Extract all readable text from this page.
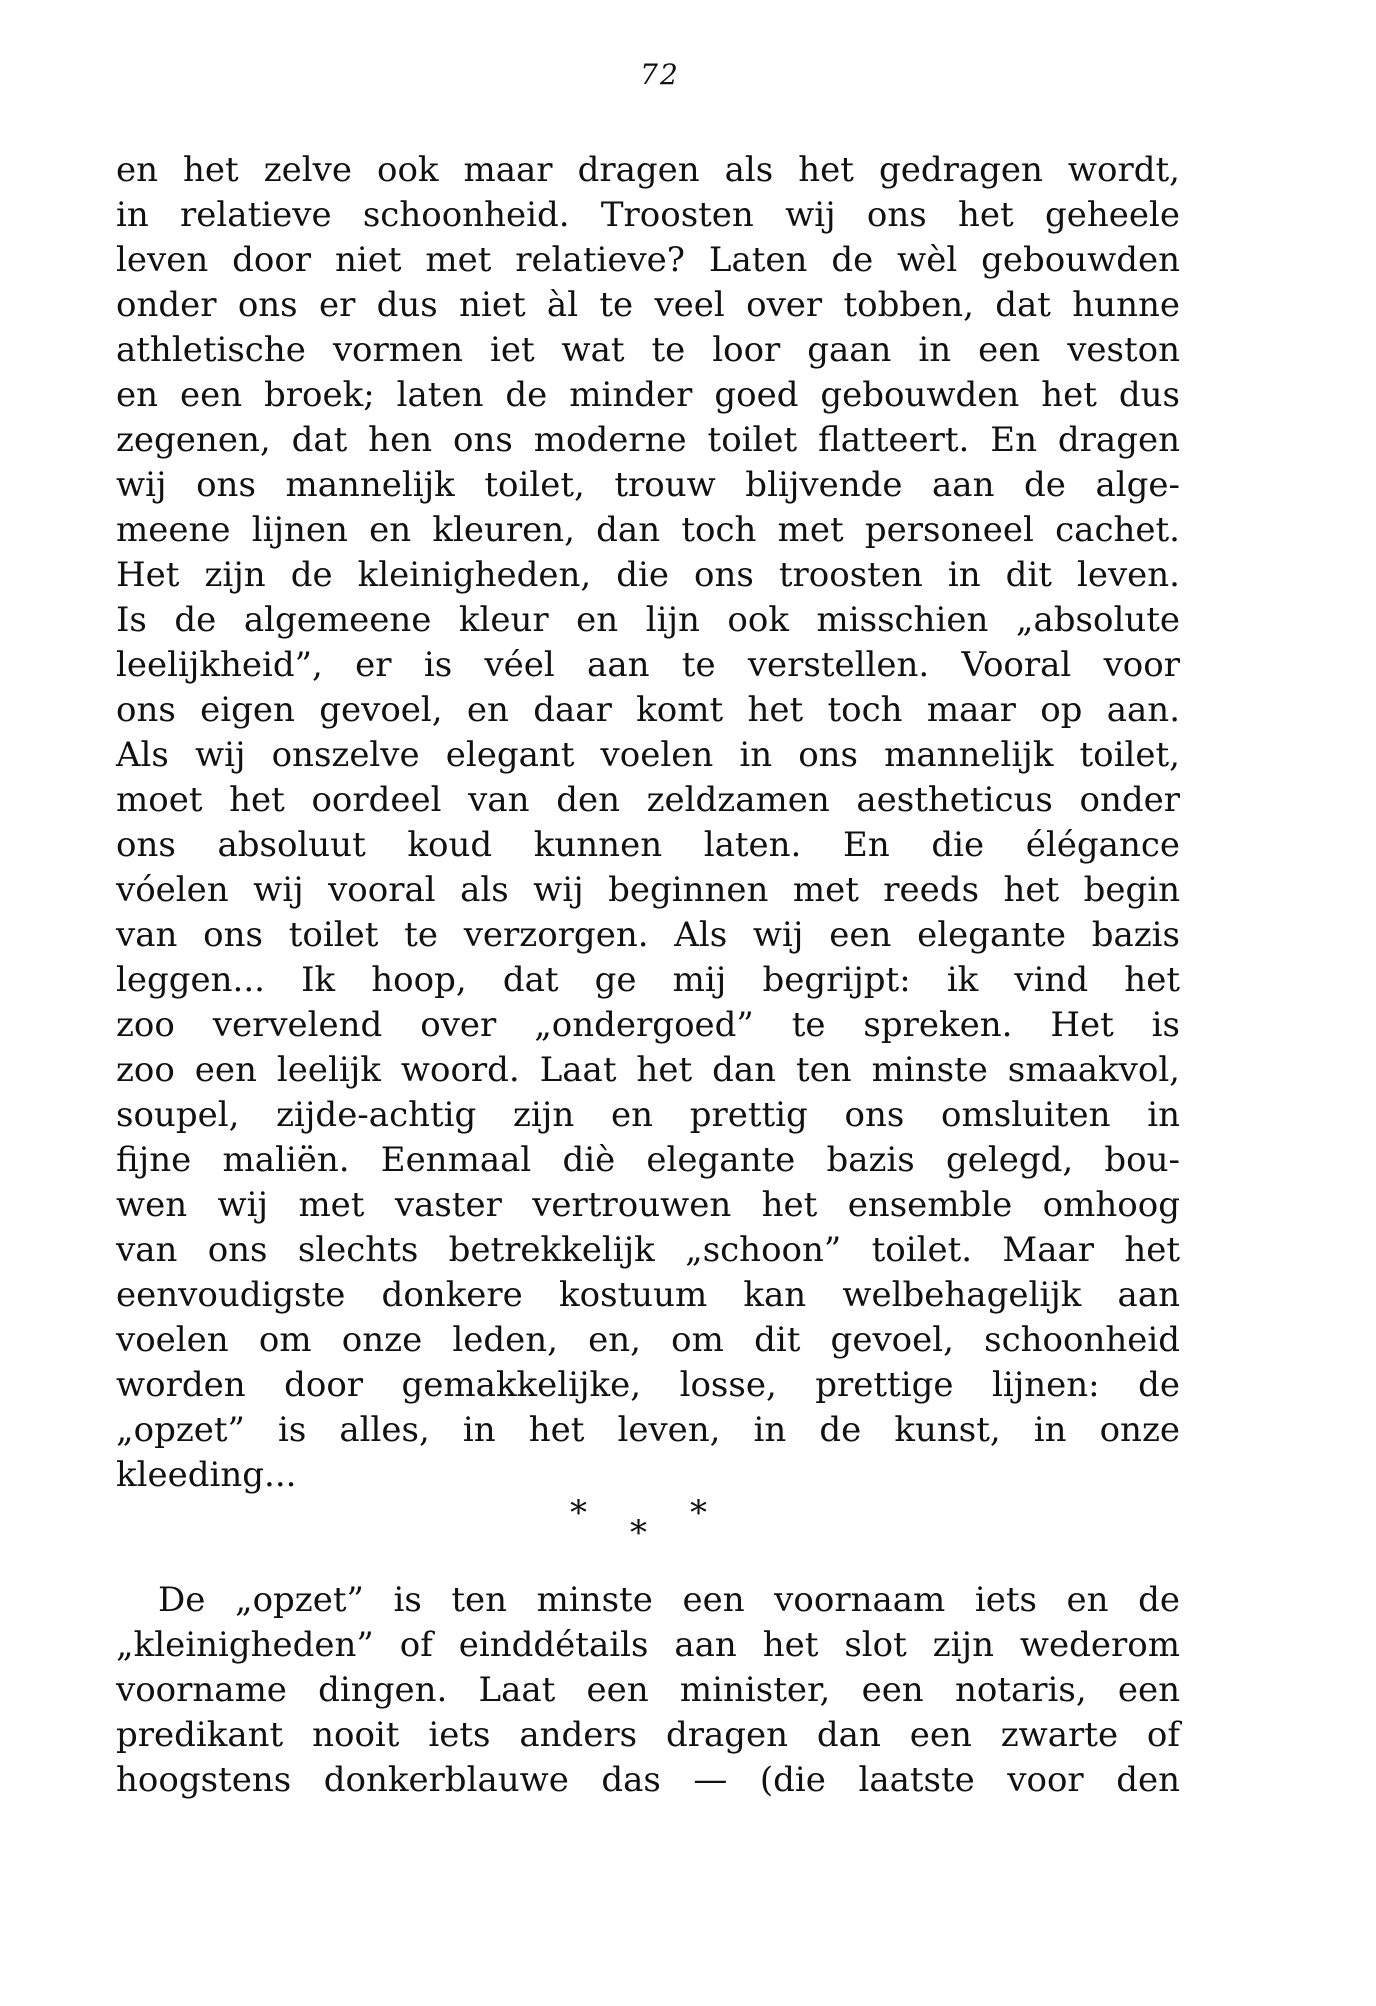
72
en het zelve ook maar dragen als het gedragen wordt,
in relatieve schoonheid. Troosten wij ons het geheele
leven door niet met relatieve? Laten de wèl gebouwden
onder ons er dus niet àl te veel over tobben, dat hunne
athletische vormen iet wat te loor gaan in een veston
en een broek; laten de minder goed gebouwden het dus
zegenen, dat hen ons moderne toilet flatteert. En dragen
wij ons mannelijk toilet, trouw blijvende aan de alge-
meene lijnen en kleuren, dan toch met personeel cachet.
Het zijn de kleinigheden, die ons troosten in dit leven.
Is de algemeene kleur en lijn ook misschien „absolute
leelijkheid”, er is véel aan te verstellen. Vooral voor
ons eigen gevoel, en daar komt het toch maar op aan.
Als wij onszelve elegant voelen in ons mannelijk toilet,
moet het oordeel van den zeldzamen aestheticus onder
ons absoluut koud kunnen laten. En die élégance
vóelen wij vooral als wij beginnen met reeds het begin
van ons toilet te verzorgen. Als wij een elegante bazis
leggen... Ik hoop, dat ge mij begrijpt: ik vind het
zoo vervelend over „ondergoed” te spreken. Het is
zoo een leelijk woord. Laat het dan ten minste smaakvol,
soupel, zijde-achtig zijn en prettig ons omsluiten in
fijne maliën. Eenmaal diè elegante bazis gelegd, bou-
wen wij met vaster vertrouwen het ensemble omhoog
van ons slechts betrekkelijk „schoon” toilet. Maar het
eenvoudigste donkere kostuum kan welbehagelijk aan
voelen om onze leden, en, om dit gevoel, schoonheid
worden door gemakkelijke, losse, prettige lijnen: de
„opzet” is alles, in het leven, in de kunst, in onze
kleeding...
* * *
De „opzet” is ten minste een voornaam iets en de
„kleinigheden” of einddétails aan het slot zijn wederom
voorname dingen. Laat een minister, een notaris, een
predikant nooit iets anders dragen dan een zwarte of
hoogstens donkerblauwe das — (die laatste voor den
